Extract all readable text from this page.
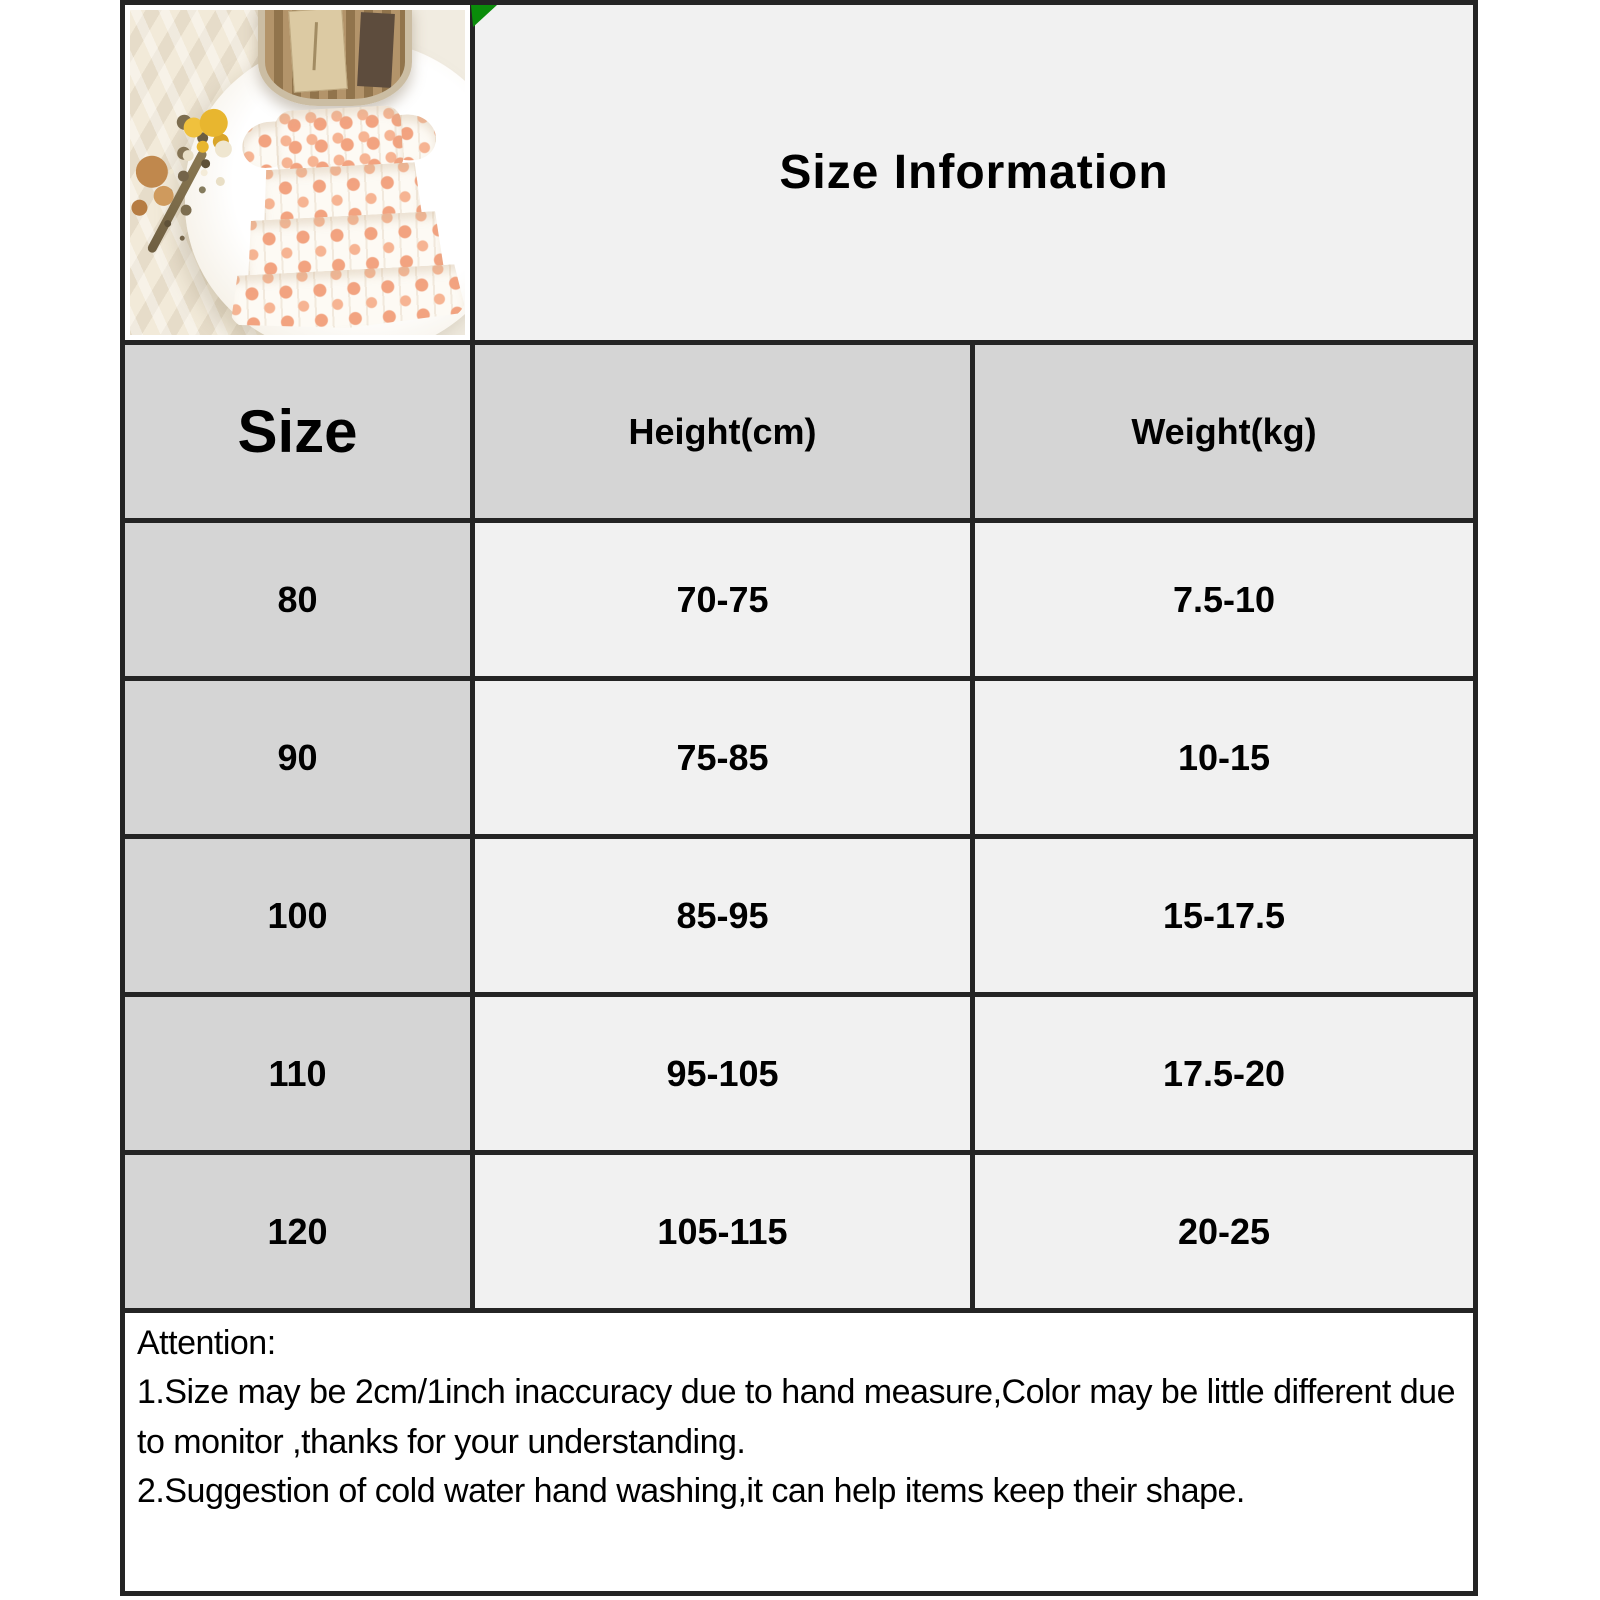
Size Information
Size	Height(cm)	Weight(kg)
80	70-75	7.5-10
90	75-85	10-15
100	85-95	15-17.5
110	95-105	17.5-20
120	105-115	20-25
Attention:
1.Size may be 2cm/1inch inaccuracy due to hand measure,Color may be little different due to monitor ,thanks for your understanding.
2.Suggestion of cold water hand washing,it can help items keep their shape.
